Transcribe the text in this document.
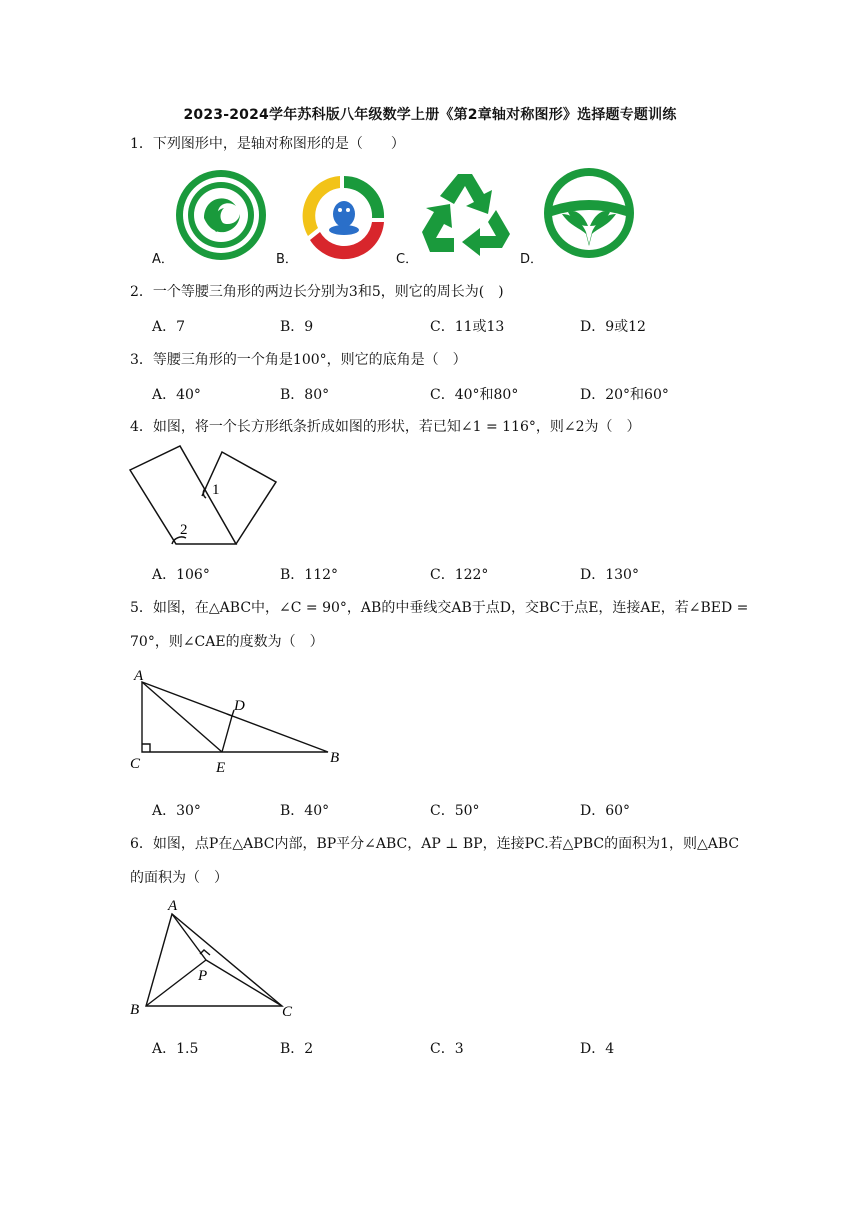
2023-2024学年苏科版八年级数学上册《第2章轴对称图形》选择题专题训练
1．下列图形中，是轴对称图形的是（　　）
A．	B．	C．	D．
2．一个等腰三角形的两边长分别为3和5，则它的周长为(　)
A．7	B．9	C．11或13	D．9或12
3．等腰三角形的一个角是100°，则它的底角是（　）
A．40°	B．80°	C．40°和80°	D．20°和60°
4．如图，将一个长方形纸条折成如图的形状，若已知∠1 = 116°，则∠2为（　）
1
2
A．106°	B．112°	C．122°	D．130°
5．如图，在△ABC中，∠C = 90°，AB的中垂线交AB于点D，交BC于点E，连接AE，若∠BED =
70°，则∠CAE的度数为（　）
A
D
C	E
B
A．30°	B．40°	C．50°	D．60°
6．如图，点P在△ABC内部，BP平分∠ABC，AP ⊥ BP，连接PC.若△PBC的面积为1，则△ABC
的面积为（　）
A
P
B	C
A．1.5	B．2	C．3	D．4
